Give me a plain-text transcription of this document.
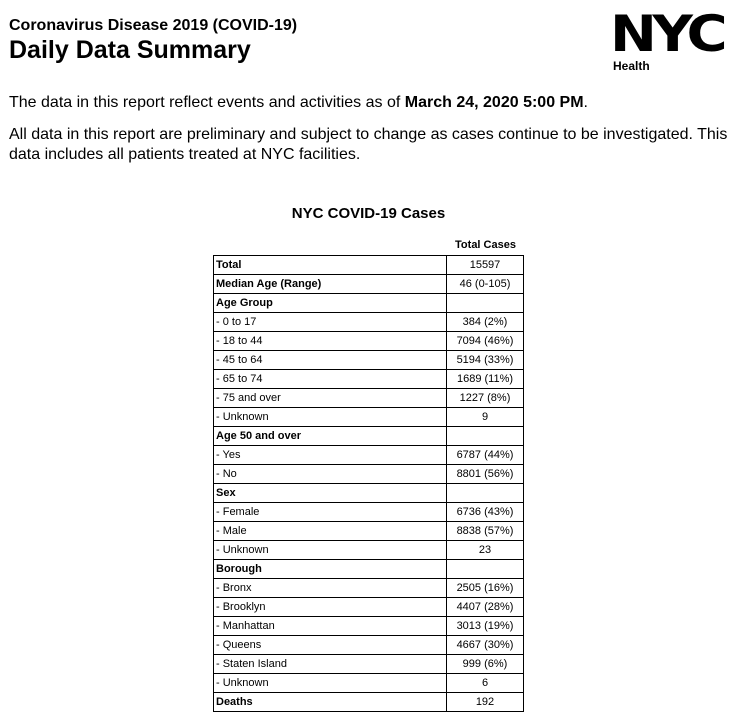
Coronavirus Disease 2019 (COVID-19)
Daily Data Summary	NYC
Health
The data in this report reflect events and activities as of March 24, 2020 5:00 PM.
All data in this report are preliminary and subject to change as cases continue to be investigated. This data includes all patients treated at NYC facilities.
NYC COVID-19 Cases
Total Cases
Total	15597
Median Age (Range)	46 (0-105)
Age Group	
- 0 to 17	384 (2%)
- 18 to 44	7094 (46%)
- 45 to 64	5194 (33%)
- 65 to 74	1689 (11%)
- 75 and over	1227 (8%)
- Unknown	9
Age 50 and over	
- Yes	6787 (44%)
- No	8801 (56%)
Sex	
- Female	6736 (43%)
- Male	8838 (57%)
- Unknown	23
Borough	
- Bronx	2505 (16%)
- Brooklyn	4407 (28%)
- Manhattan	3013 (19%)
- Queens	4667 (30%)
- Staten Island	999 (6%)
- Unknown	6
Deaths	192
